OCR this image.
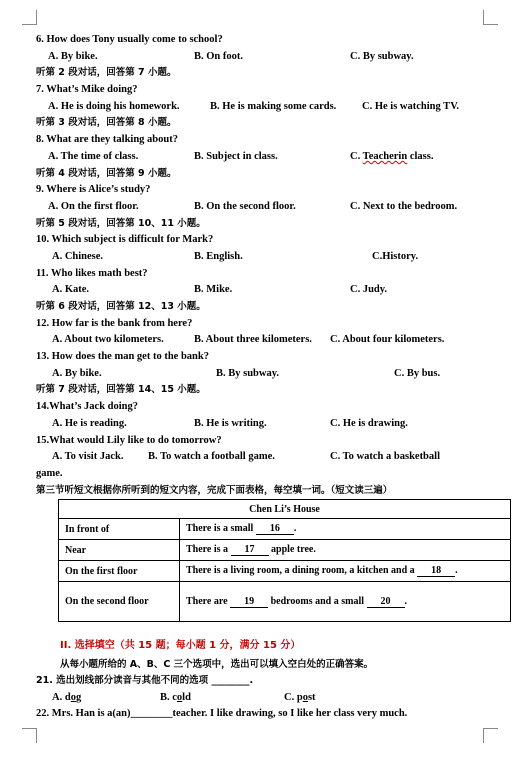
6. How does Tony usually come to school?
A. By bike.	B. On foot.	C. By subway.
听第 2 段对话，回答第 7 小题。
7. What’s Mike doing?
A. He is doing his homework.	B. He is making some cards. C. He is watching TV.
听第 3 段对话，回答第 8 小题。
8. What are they talking about?
A. The time of class.	B. Subject in class.	C. Teacherin class.
听第 4 段对话，回答第 9 小题。
9. Where is Alice’s study?
A. On the first floor.	B. On the second floor.	C. Next to the bedroom.
听第 5 段对话，回答第 10、11 小题。
10. Which subject is difficult for Mark?
A. Chinese.	B. English.	C.History.
11. Who likes math best?
A. Kate.	B. Mike.	C. Judy.
听第 6 段对话，回答第 12、13 小题。
12. How far is the bank from here?
A. About two kilometers.	B. About three kilometers. C. About four kilometers.
13. How does the man get to the bank?
A. By bike.	B. By subway.	C. By bus.
听第 7 段对话，回答第 14、15 小题。
14.What’s Jack doing?
A. He is reading.	B. He is writing.	C. He is drawing.
15.What would Lily like to do tomorrow?
A. To visit Jack. B. To watch a football game.	C. To watch a basketball
game.
第三节听短文根据你所听到的短文内容，完成下面表格，每空填一词。（短文读三遍）
Chen Li’s House	
In front of	There is a small 16 .
Near	There is a 17 apple tree.
On the first floor	There is a living room, a dining room, a kitchen and a 18 .
On the second floor	There are 19 bedrooms and a small 20 .
II. 选择填空（共 15 题；每小题 1 分，满分 15 分）
从每小题所给的 A、B、C 三个选项中，选出可以填入空白处的正确答案。
21. 选出划线部分读音与其他不同的选项 ________.
A. dog	B. cold	C. post
22. Mrs. Han is a(an)________teacher. I like drawing, so I like her class very much.
